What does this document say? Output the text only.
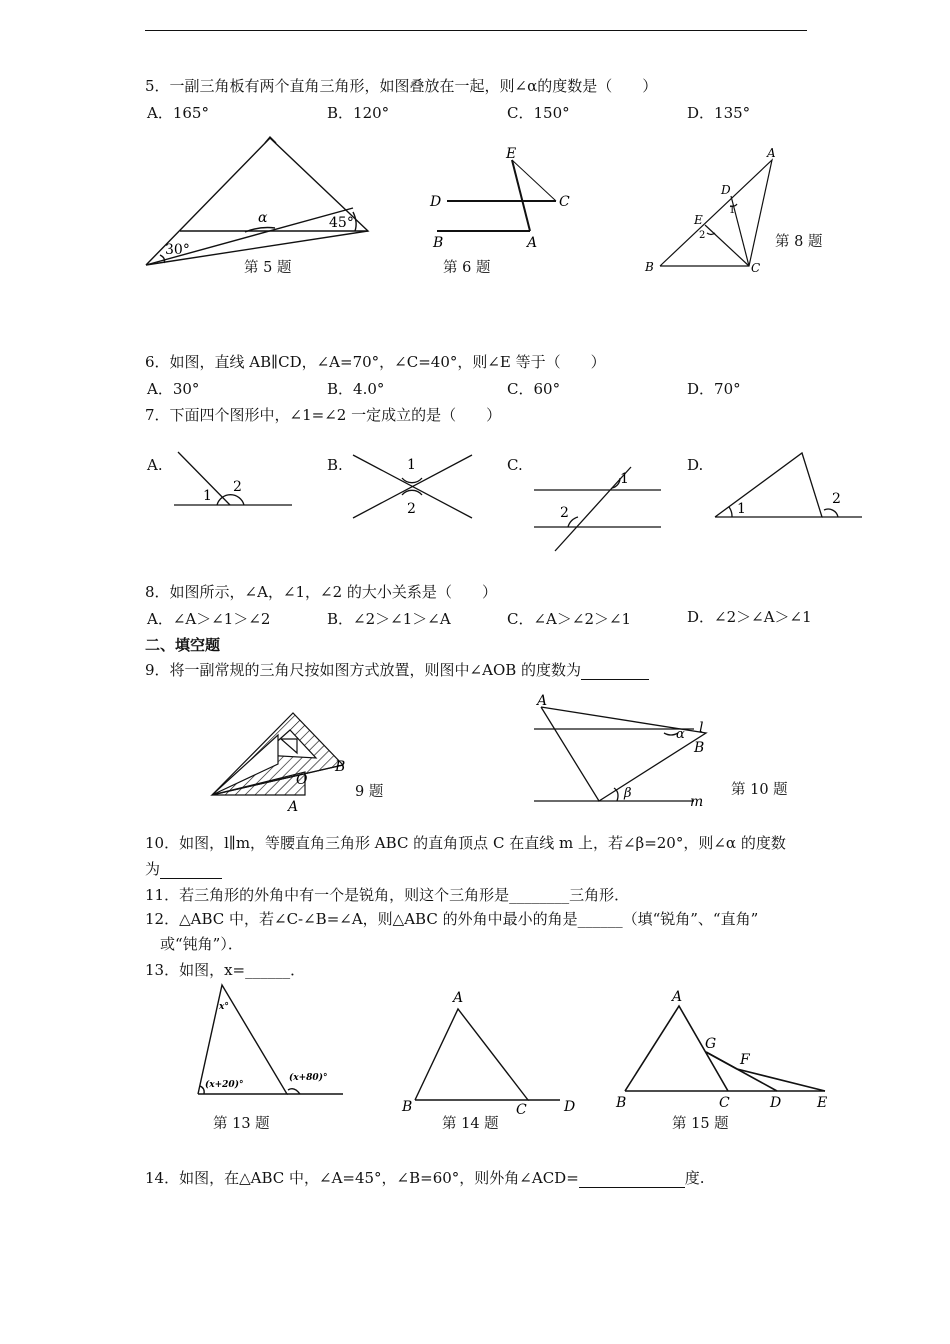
5．一副三角板有两个直角三角形，如图叠放在一起，则∠α的度数是（　　）
A．165°	B．120°	C．150°	D．135°
α	45°
30°
E
D	C
B	A
A
D
1
E
2
B	C
第 5 题	第 6 题
第 8 题
6．如图，直线 AB∥CD，∠A=70°，∠C=40°，则∠E 等于（　　）
A．30°	B．4.0°	C．60°	D．70°
7．下面四个图形中，∠1=∠2 一定成立的是（　　）
A.	B.	C.	D.
1
2
1
2
1
2	1
2
8．如图所示，∠A，∠1，∠2 的大小关系是（　　）
A．∠A＞∠1＞∠2	B．∠2＞∠1＞∠A	C．∠A＞∠2＞∠1	D．∠2＞∠A＞∠1
二、填空题
9．将一副常规的三角尺按如图方式放置，则图中∠AOB 的度数为
B
O
A
9 题
A
l
α
B
β
m
第 10 题
10．如图，l∥m，等腰直角三角形 ABC 的直角顶点 C 在直线 m 上，若∠β=20°，则∠α 的度数
为
11．若三角形的外角中有一个是锐角，则这个三角形是________三角形．
12．△ABC 中，若∠C-∠B=∠A，则△ABC 的外角中最小的角是______（填“锐角”、“直角”
或“钝角”）．
13．如图，x=______．
x°
(x+20)°
(x+80)°
A
B	C	D
A
G
F
B	C	D	E
第 13 题	第 14 题	第 15 题
14．如图，在△ABC 中，∠A=45°，∠B=60°，则外角∠ACD=	度.
